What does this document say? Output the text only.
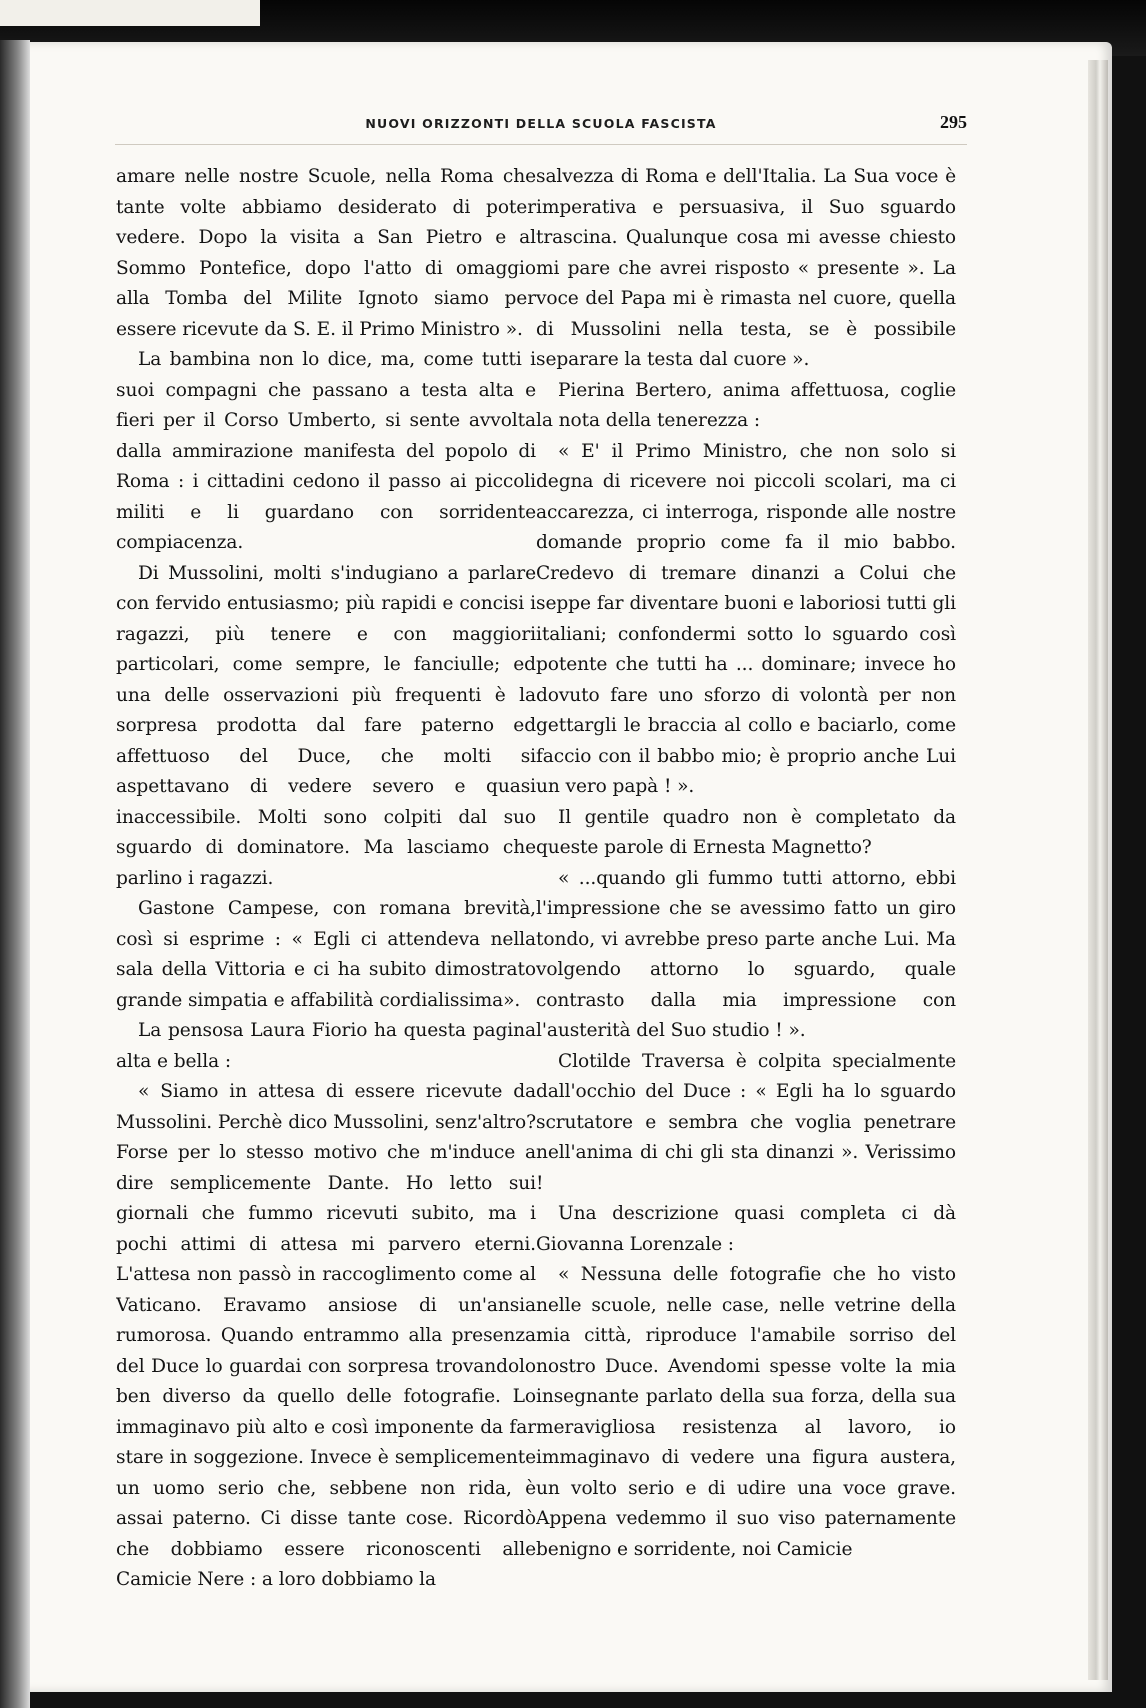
NUOVI ORIZZONTI DELLA SCUOLA FASCISTA	295

amare nelle nostre Scuole, nella Roma che tante volte abbiamo desiderato di poter vedere. Dopo la visita a San Pietro e al Sommo Pontefice, dopo l'atto di omaggio alla Tomba del Milite Ignoto siamo per essere ricevute da S. E. il Primo Ministro ».

La bambina non lo dice, ma, come tutti i suoi compagni che passano a testa alta e fieri per il Corso Umberto, si sente avvolta dalla ammirazione manifesta del popolo di Roma : i cittadini cedono il passo ai piccoli militi e li guardano con sorridente compiacenza.

Di Mussolini, molti s'indugiano a parlare con fervido entusiasmo; più rapidi e concisi i ragazzi, più tenere e con maggiori particolari, come sempre, le fanciulle; ed una delle osservazioni più frequenti è la sorpresa prodotta dal fare paterno ed affettuoso del Duce, che molti si aspettavano di vedere severo e quasi inaccessibile. Molti sono colpiti dal suo sguardo di dominatore. Ma lasciamo che parlino i ragazzi.

Gastone Campese, con romana brevità, così si esprime : « Egli ci attendeva nella sala della Vittoria e ci ha subito dimostrato grande simpatia e affabilità cordialissima».

La pensosa Laura Fiorio ha questa pagina alta e bella :

« Siamo in attesa di essere ricevute da Mussolini. Perchè dico Mussolini, senz'altro? Forse per lo stesso motivo che m'induce a dire semplicemente Dante. Ho letto sui giornali che fummo ricevuti subito, ma i pochi attimi di attesa mi parvero eterni. L'attesa non passò in raccoglimento come al Vaticano. Eravamo ansiose di un'ansia rumorosa. Quando entrammo alla presenza del Duce lo guardai con sorpresa trovandolo ben diverso da quello delle fotografie. Lo immaginavo più alto e così imponente da far stare in soggezione. Invece è semplicemente un uomo serio che, sebbene non rida, è assai paterno. Ci disse tante cose. Ricordò che dobbiamo essere riconoscenti alle Camicie Nere : a loro dobbiamo la

salvezza di Roma e dell'Italia. La Sua voce è imperativa e persuasiva, il Suo sguardo trascina. Qualunque cosa mi avesse chiesto mi pare che avrei risposto « presente ». La voce del Papa mi è rimasta nel cuore, quella di Mussolini nella testa, se è possibile separare la testa dal cuore ».

Pierina Bertero, anima affettuosa, coglie la nota della tenerezza :

« E' il Primo Ministro, che non solo si degna di ricevere noi piccoli scolari, ma ci accarezza, ci interroga, risponde alle nostre domande proprio come fa il mio babbo. Credevo di tremare dinanzi a Colui che seppe far diventare buoni e laboriosi tutti gli italiani; confondermi sotto lo sguardo così potente che tutti ha ... dominare; invece ho dovuto fare uno sforzo di volontà per non gettargli le braccia al collo e baciarlo, come faccio con il babbo mio; è proprio anche Lui un vero papà ! ».

Il gentile quadro non è completato da queste parole di Ernesta Magnetto?

« ...quando gli fummo tutti attorno, ebbi l'impressione che se avessimo fatto un giro tondo, vi avrebbe preso parte anche Lui. Ma volgendo attorno lo sguardo, quale contrasto dalla mia impressione con l'austerità del Suo studio ! ».

Clotilde Traversa è colpita specialmente dall'occhio del Duce : « Egli ha lo sguardo scrutatore e sembra che voglia penetrare nell'anima di chi gli sta dinanzi ». Verissimo !

Una descrizione quasi completa ci dà Giovanna Lorenzale :

« Nessuna delle fotografie che ho visto nelle scuole, nelle case, nelle vetrine della mia città, riproduce l'amabile sorriso del nostro Duce. Avendomi spesse volte la mia insegnante parlato della sua forza, della sua meravigliosa resistenza al lavoro, io immaginavo di vedere una figura austera, un volto serio e di udire una voce grave. Appena vedemmo il suo viso paternamente benigno e sorridente, noi Camicie
